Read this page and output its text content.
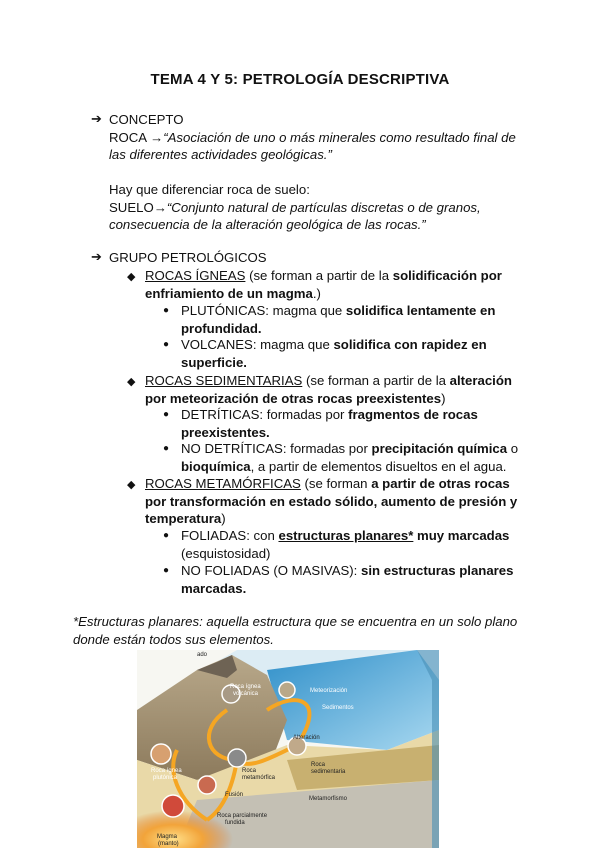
TEMA 4 Y 5: PETROLOGÍA DESCRIPTIVA
➔ CONCEPTO
ROCA →“Asociación de uno o más minerales como resultado final de
las diferentes actividades geológicas.”
Hay que diferenciar roca de suelo:
SUELO→“Conjunto natural de partículas discretas o de granos,
consecuencia de la alteración geológica de las rocas.”
➔ GRUPO PETROLÓGICOS
◆ ROCAS ÍGNEAS (se forman a partir de la solidificación por
enfriamiento de un magma.)
● PLUTÓNICAS: magma que solidifica lentamente en
profundidad.
● VOLCANES: magma que solidifica con rapidez en
superficie.
◆ ROCAS SEDIMENTARIAS (se forman a partir de la alteración
por meteorización de otras rocas preexistentes)
● DETRÍTICAS: formadas por fragmentos de rocas
preexistentes.
● NO DETRÍTICAS: formadas por precipitación química o
bioquímica, a partir de elementos disueltos en el agua.
◆ ROCAS METAMÓRFICAS (se forman a partir de otras rocas
por transformación en estado sólido, aumento de presión y
temperatura)
● FOLIADAS: con estructuras planares* muy marcadas
(esquistosidad)
● NO FOLIADAS (O MASIVAS): sin estructuras planares
marcadas.
*Estructuras planares: aquella estructura que se encuentra en un solo plano
donde están todos sus elementos.
ado
Roca ígnea
volcánica	Meteorización
Sedimentos
Alteración
Roca
sedimentaria
Roca ígnea
plutónica
Roca
metamórfica
Fusión
Metamorfismo
Roca parcialmente
fundida
Magma
(manto)
